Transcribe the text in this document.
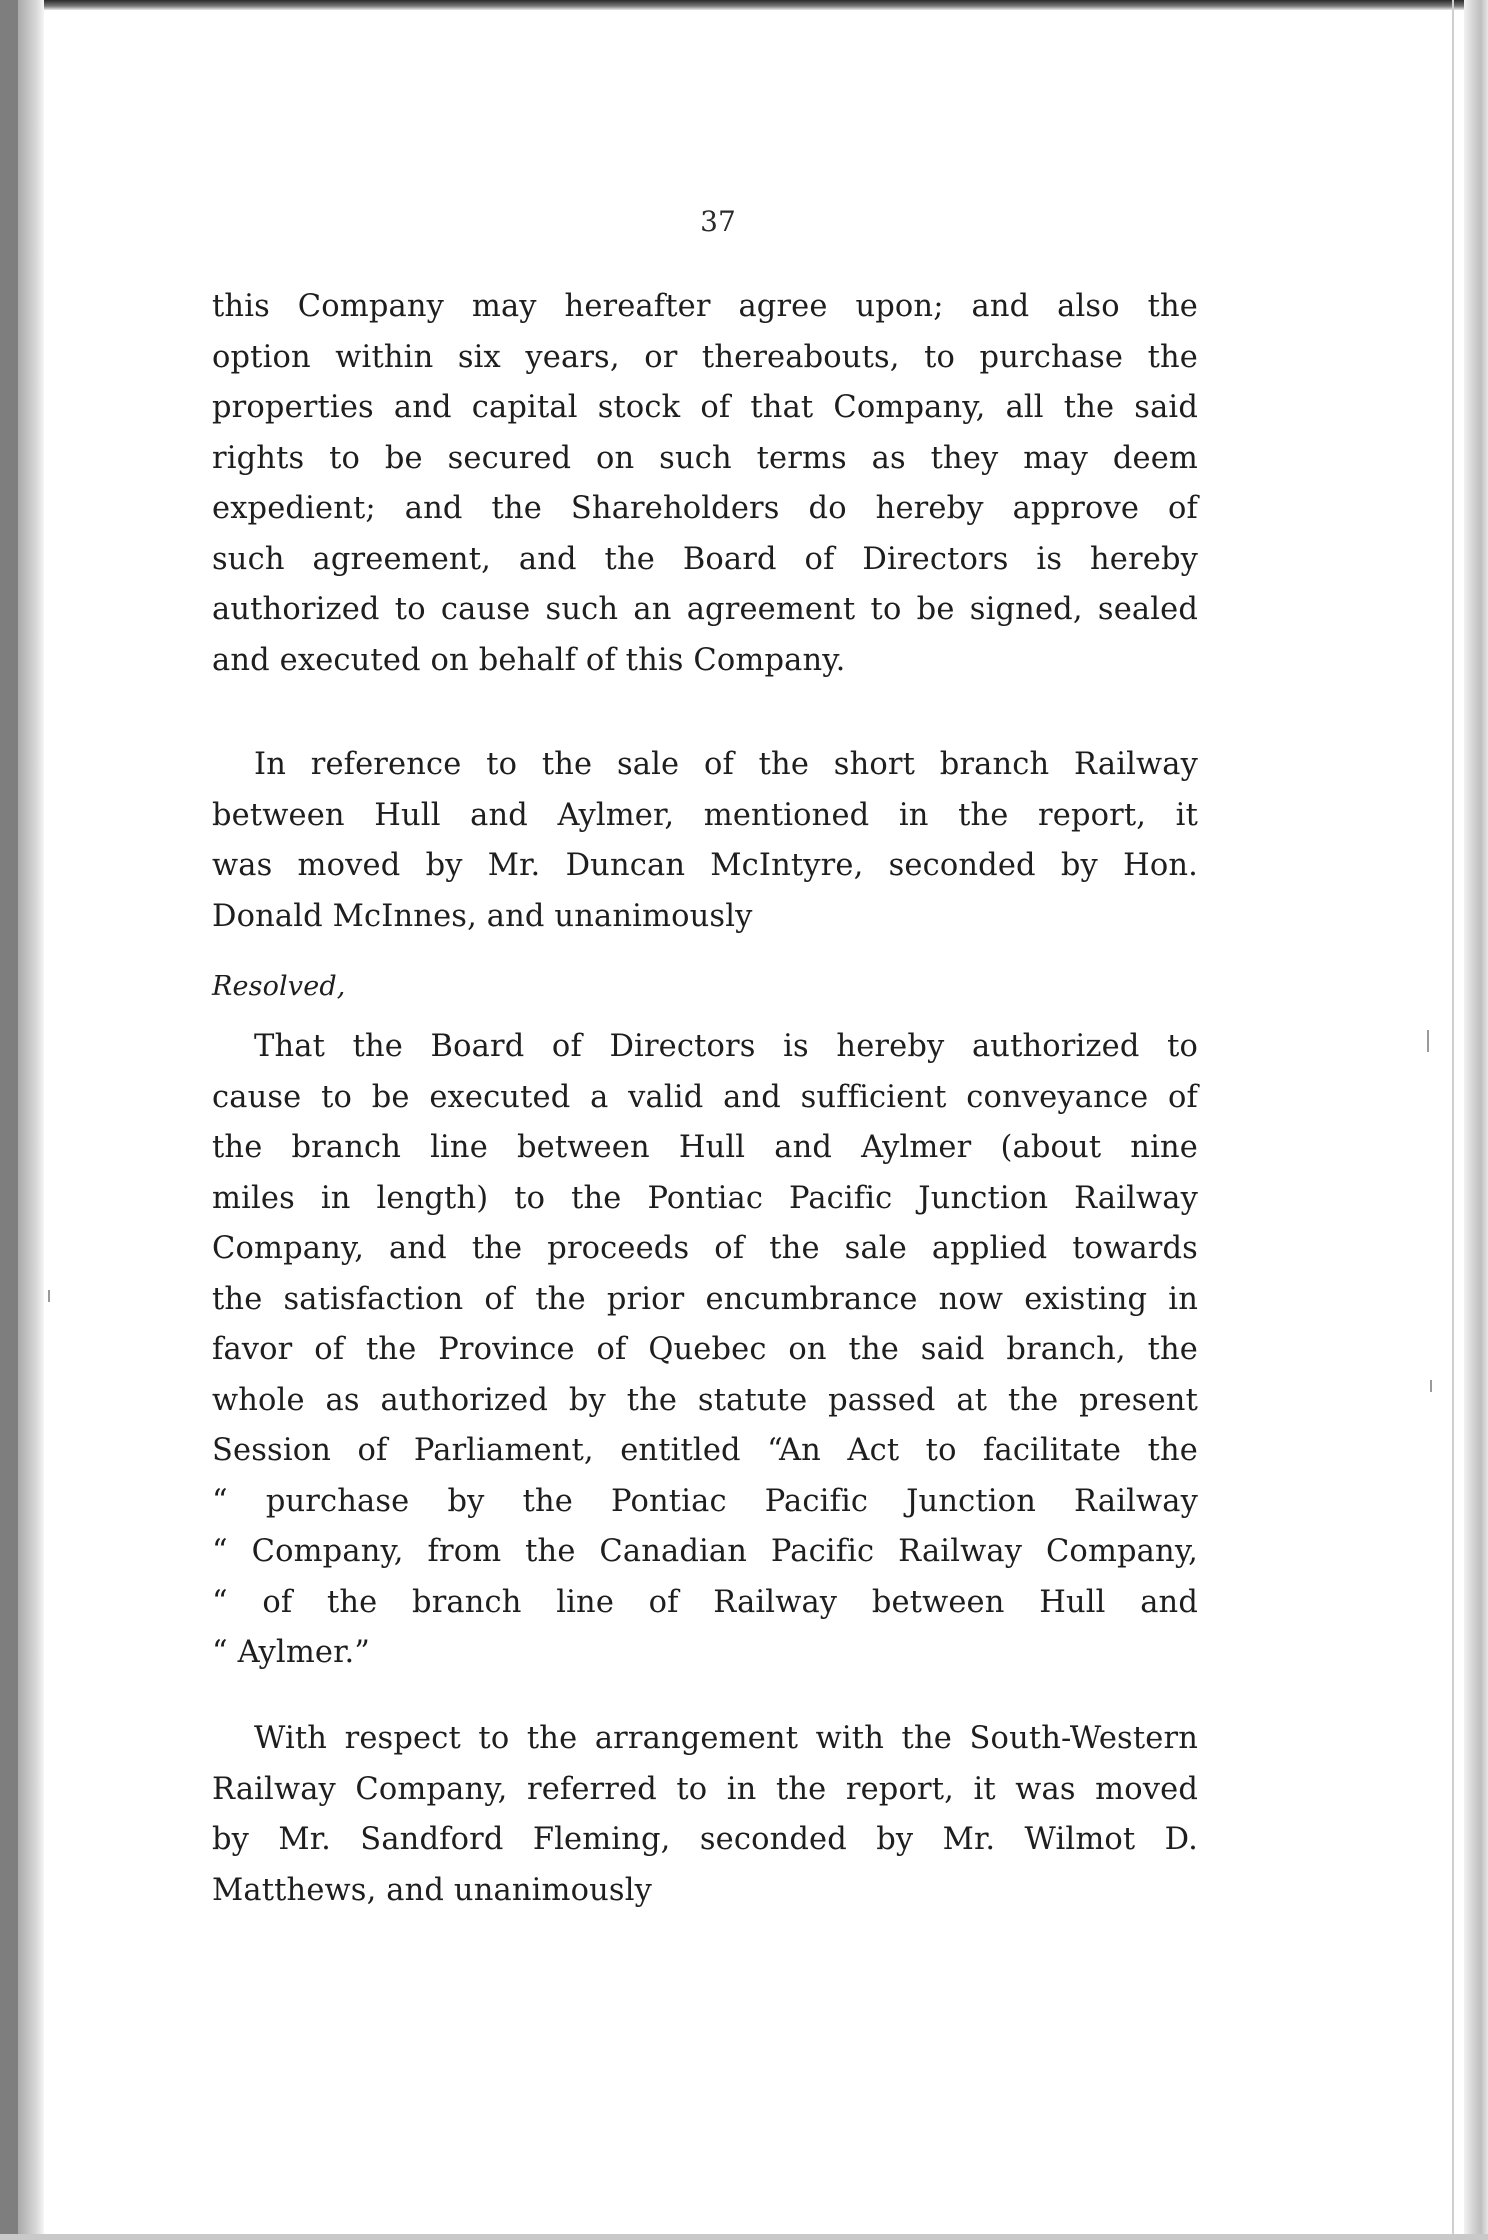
37
this Company may hereafter agree upon; and also the
option within six years, or thereabouts, to purchase the
properties and capital stock of that Company, all the said
rights to be secured on such terms as they may deem
expedient; and the Shareholders do hereby approve of
such agreement, and the Board of Directors is hereby
authorized to cause such an agreement to be signed, sealed
and executed on behalf of this Company.
In reference to the sale of the short branch Railway
between Hull and Aylmer, mentioned in the report, it
was moved by Mr. Duncan McIntyre, seconded by Hon.
Donald McInnes, and unanimously
Resolved,
That the Board of Directors is hereby authorized to
cause to be executed a valid and sufficient conveyance of
the branch line between Hull and Aylmer (about nine
miles in length) to the Pontiac Pacific Junction Railway
Company, and the proceeds of the sale applied towards
the satisfaction of the prior encumbrance now existing in
favor of the Province of Quebec on the said branch, the
whole as authorized by the statute passed at the present
Session of Parliament, entitled “An Act to facilitate the
“ purchase by the Pontiac Pacific Junction Railway
“ Company, from the Canadian Pacific Railway Company,
“ of the branch line of Railway between Hull and
“ Aylmer.”
With respect to the arrangement with the South-Western
Railway Company, referred to in the report, it was moved
by Mr. Sandford Fleming, seconded by Mr. Wilmot D.
Matthews, and unanimously
